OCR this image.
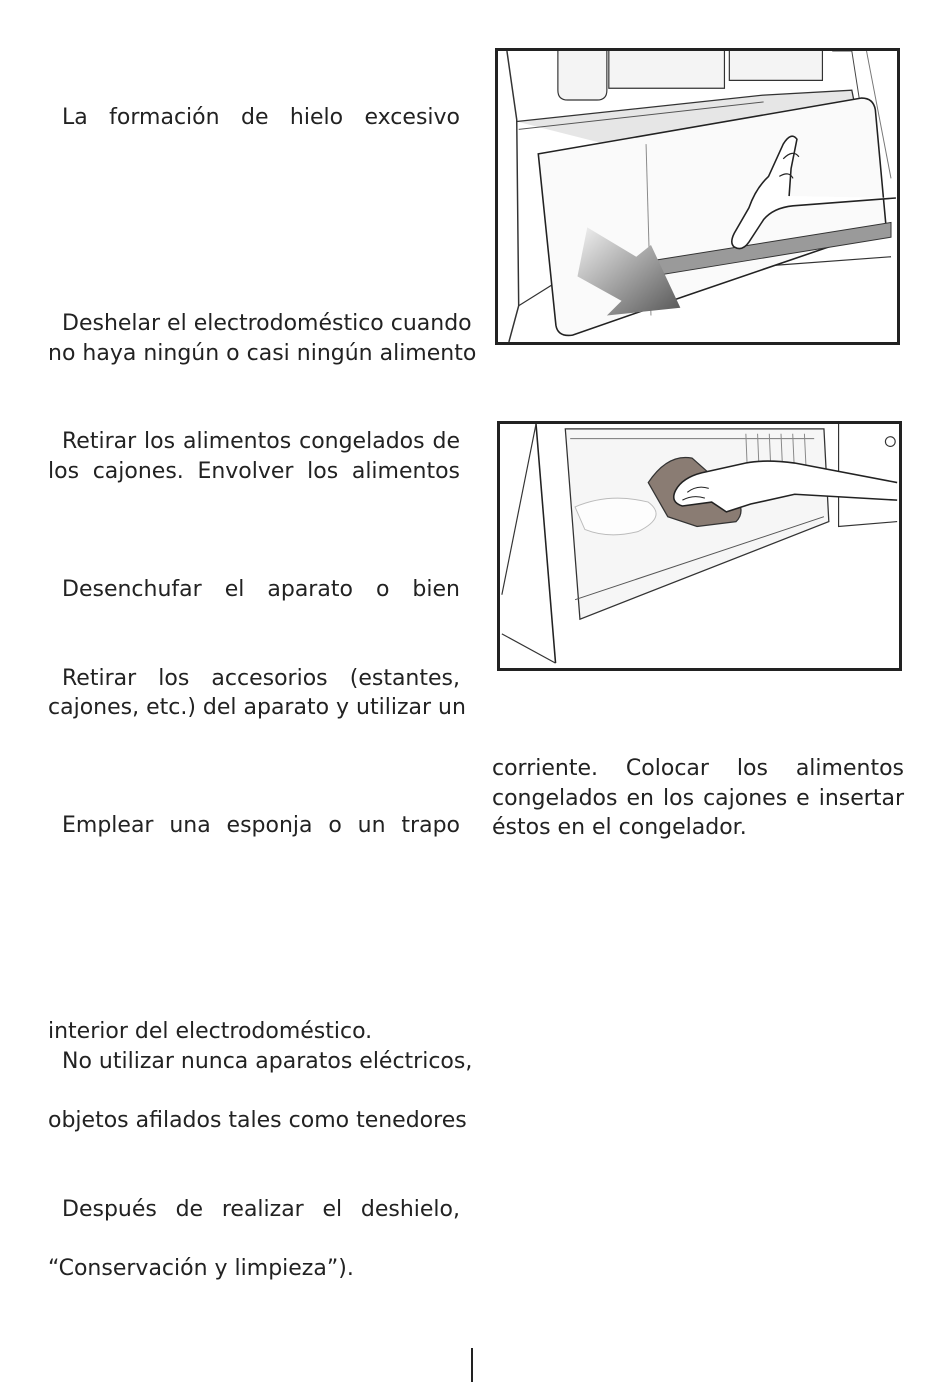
La formación de hielo excesivo
Deshelar el electrodoméstico cuando
no haya ningún o casi ningún alimento
Retirar los alimentos congelados de
los cajones. Envolver los alimentos
Desenchufar el aparato o bien
Retirar los accesorios (estantes,
cajones, etc.) del aparato y utilizar un
Emplear una esponja o un trapo
interior del electrodoméstico.
No utilizar nunca aparatos eléctricos,
objetos afilados tales como tenedores
Después de realizar el deshielo,
“Conservación y limpieza”).
corriente. Colocar los alimentos
congelados en los cajones e insertar
éstos en el congelador.
